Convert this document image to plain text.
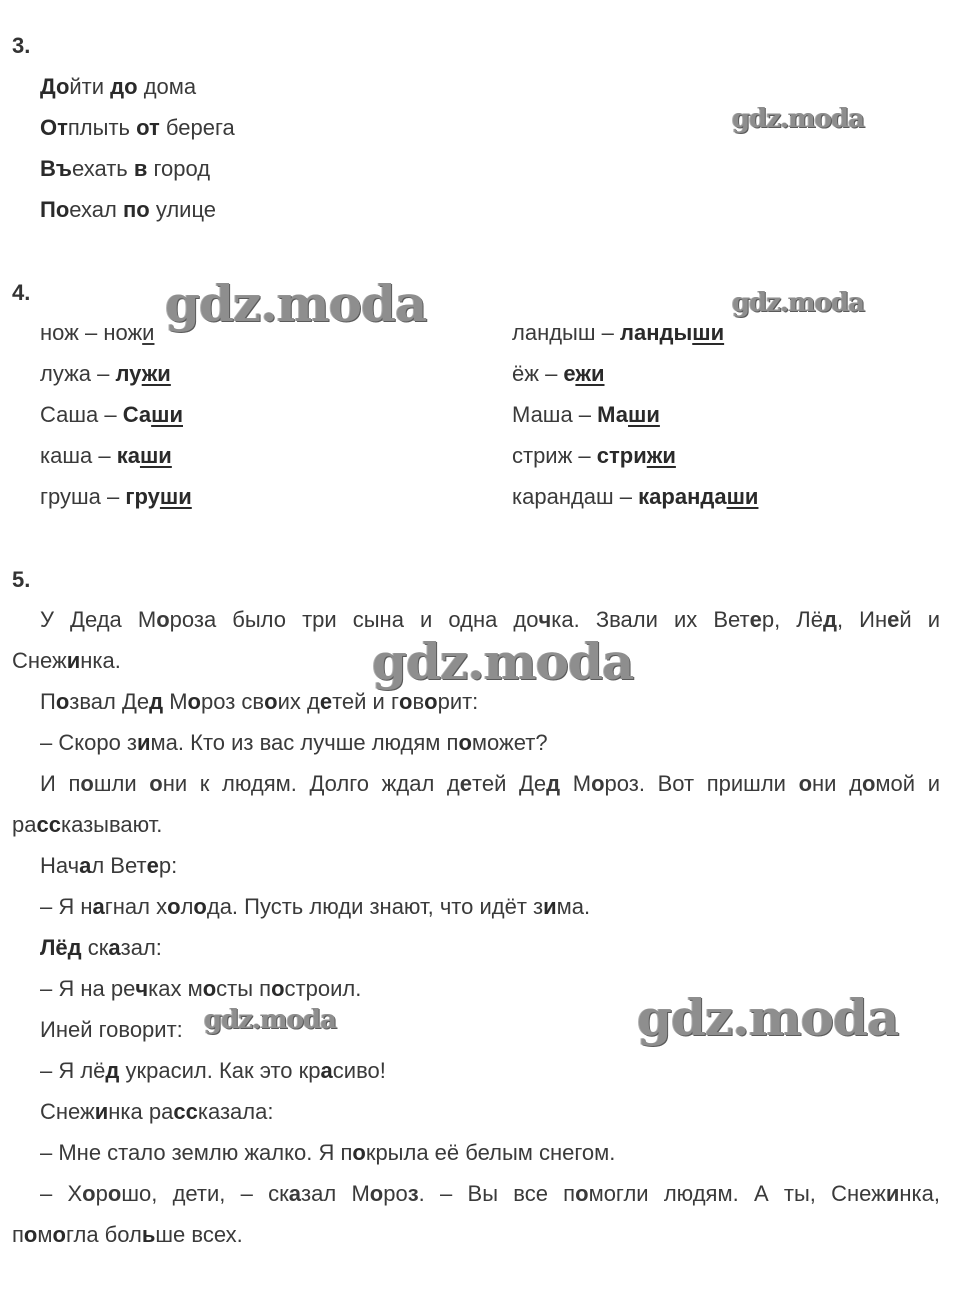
3.
Дойти до дома
Отплыть от берега
Въехать в город
Поехал по улице
4.
нож – ножи
лужа – лужи
Саша – Саши
каша – каши
груша – груши
ландыш – ландыши
ёж – ежи
Маша – Маши
стриж – стрижи
карандаш – карандаши
5.
У Деда Мороза было три сына и одна дочка. Звали их Ветер, Лёд, Иней и
Снежинка.
Позвал Дед Мороз своих детей и говорит:
– Скоро зима. Кто из вас лучше людям поможет?
И пошли они к людям. Долго ждал детей Дед Мороз. Вот пришли они домой и
рассказывают.
Начал Ветер:
– Я нагнал холода. Пусть люди знают, что идёт зима.
Лёд сказал:
– Я на речках мосты построил.
Иней говорит:
– Я лёд украсил. Как это красиво!
Снежинка рассказала:
– Мне стало землю жалко. Я покрыла её белым снегом.
– Хорошо, дети, – сказал Мороз. – Вы все помогли людям. А ты, Снежинка,
помогла больше всех.
gdz.moda
gdz.moda
gdz.moda
gdz.moda
gdz.moda
gdz.moda
